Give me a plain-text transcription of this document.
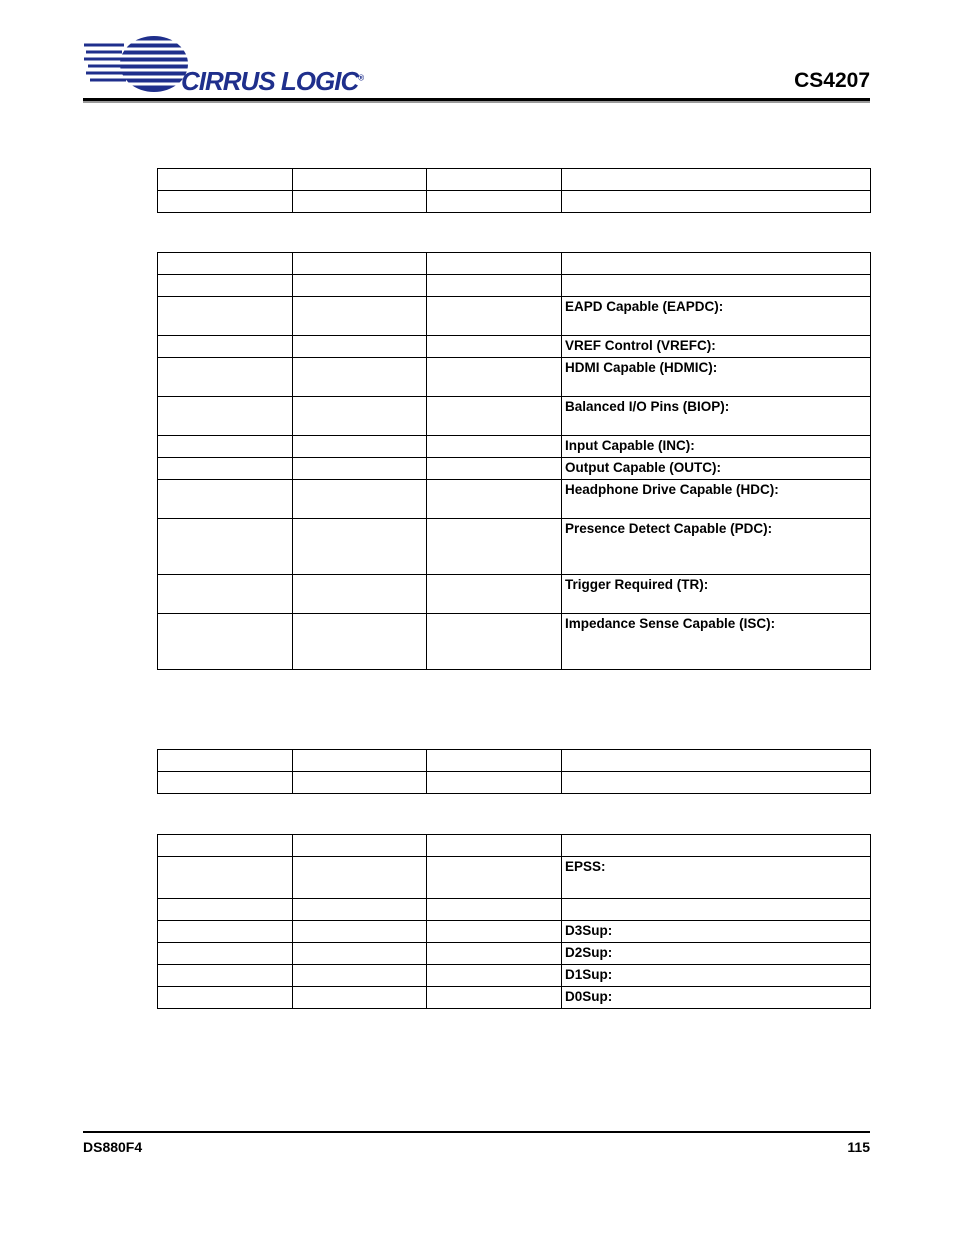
CIRRUS LOGIC®	CS4207

			EAPD Capable (EAPDC):
			VREF Control (VREFC):
			HDMI Capable (HDMIC):
			Balanced I/O Pins (BIOP):
			Input Capable (INC):
			Output Capable (OUTC):
			Headphone Drive Capable (HDC):
			Presence Detect Capable (PDC):
			Trigger Required (TR):
			Impedance Sense Capable (ISC):

			EPSS:

			D3Sup:
			D2Sup:
			D1Sup:
			D0Sup:
DS880F4	115
